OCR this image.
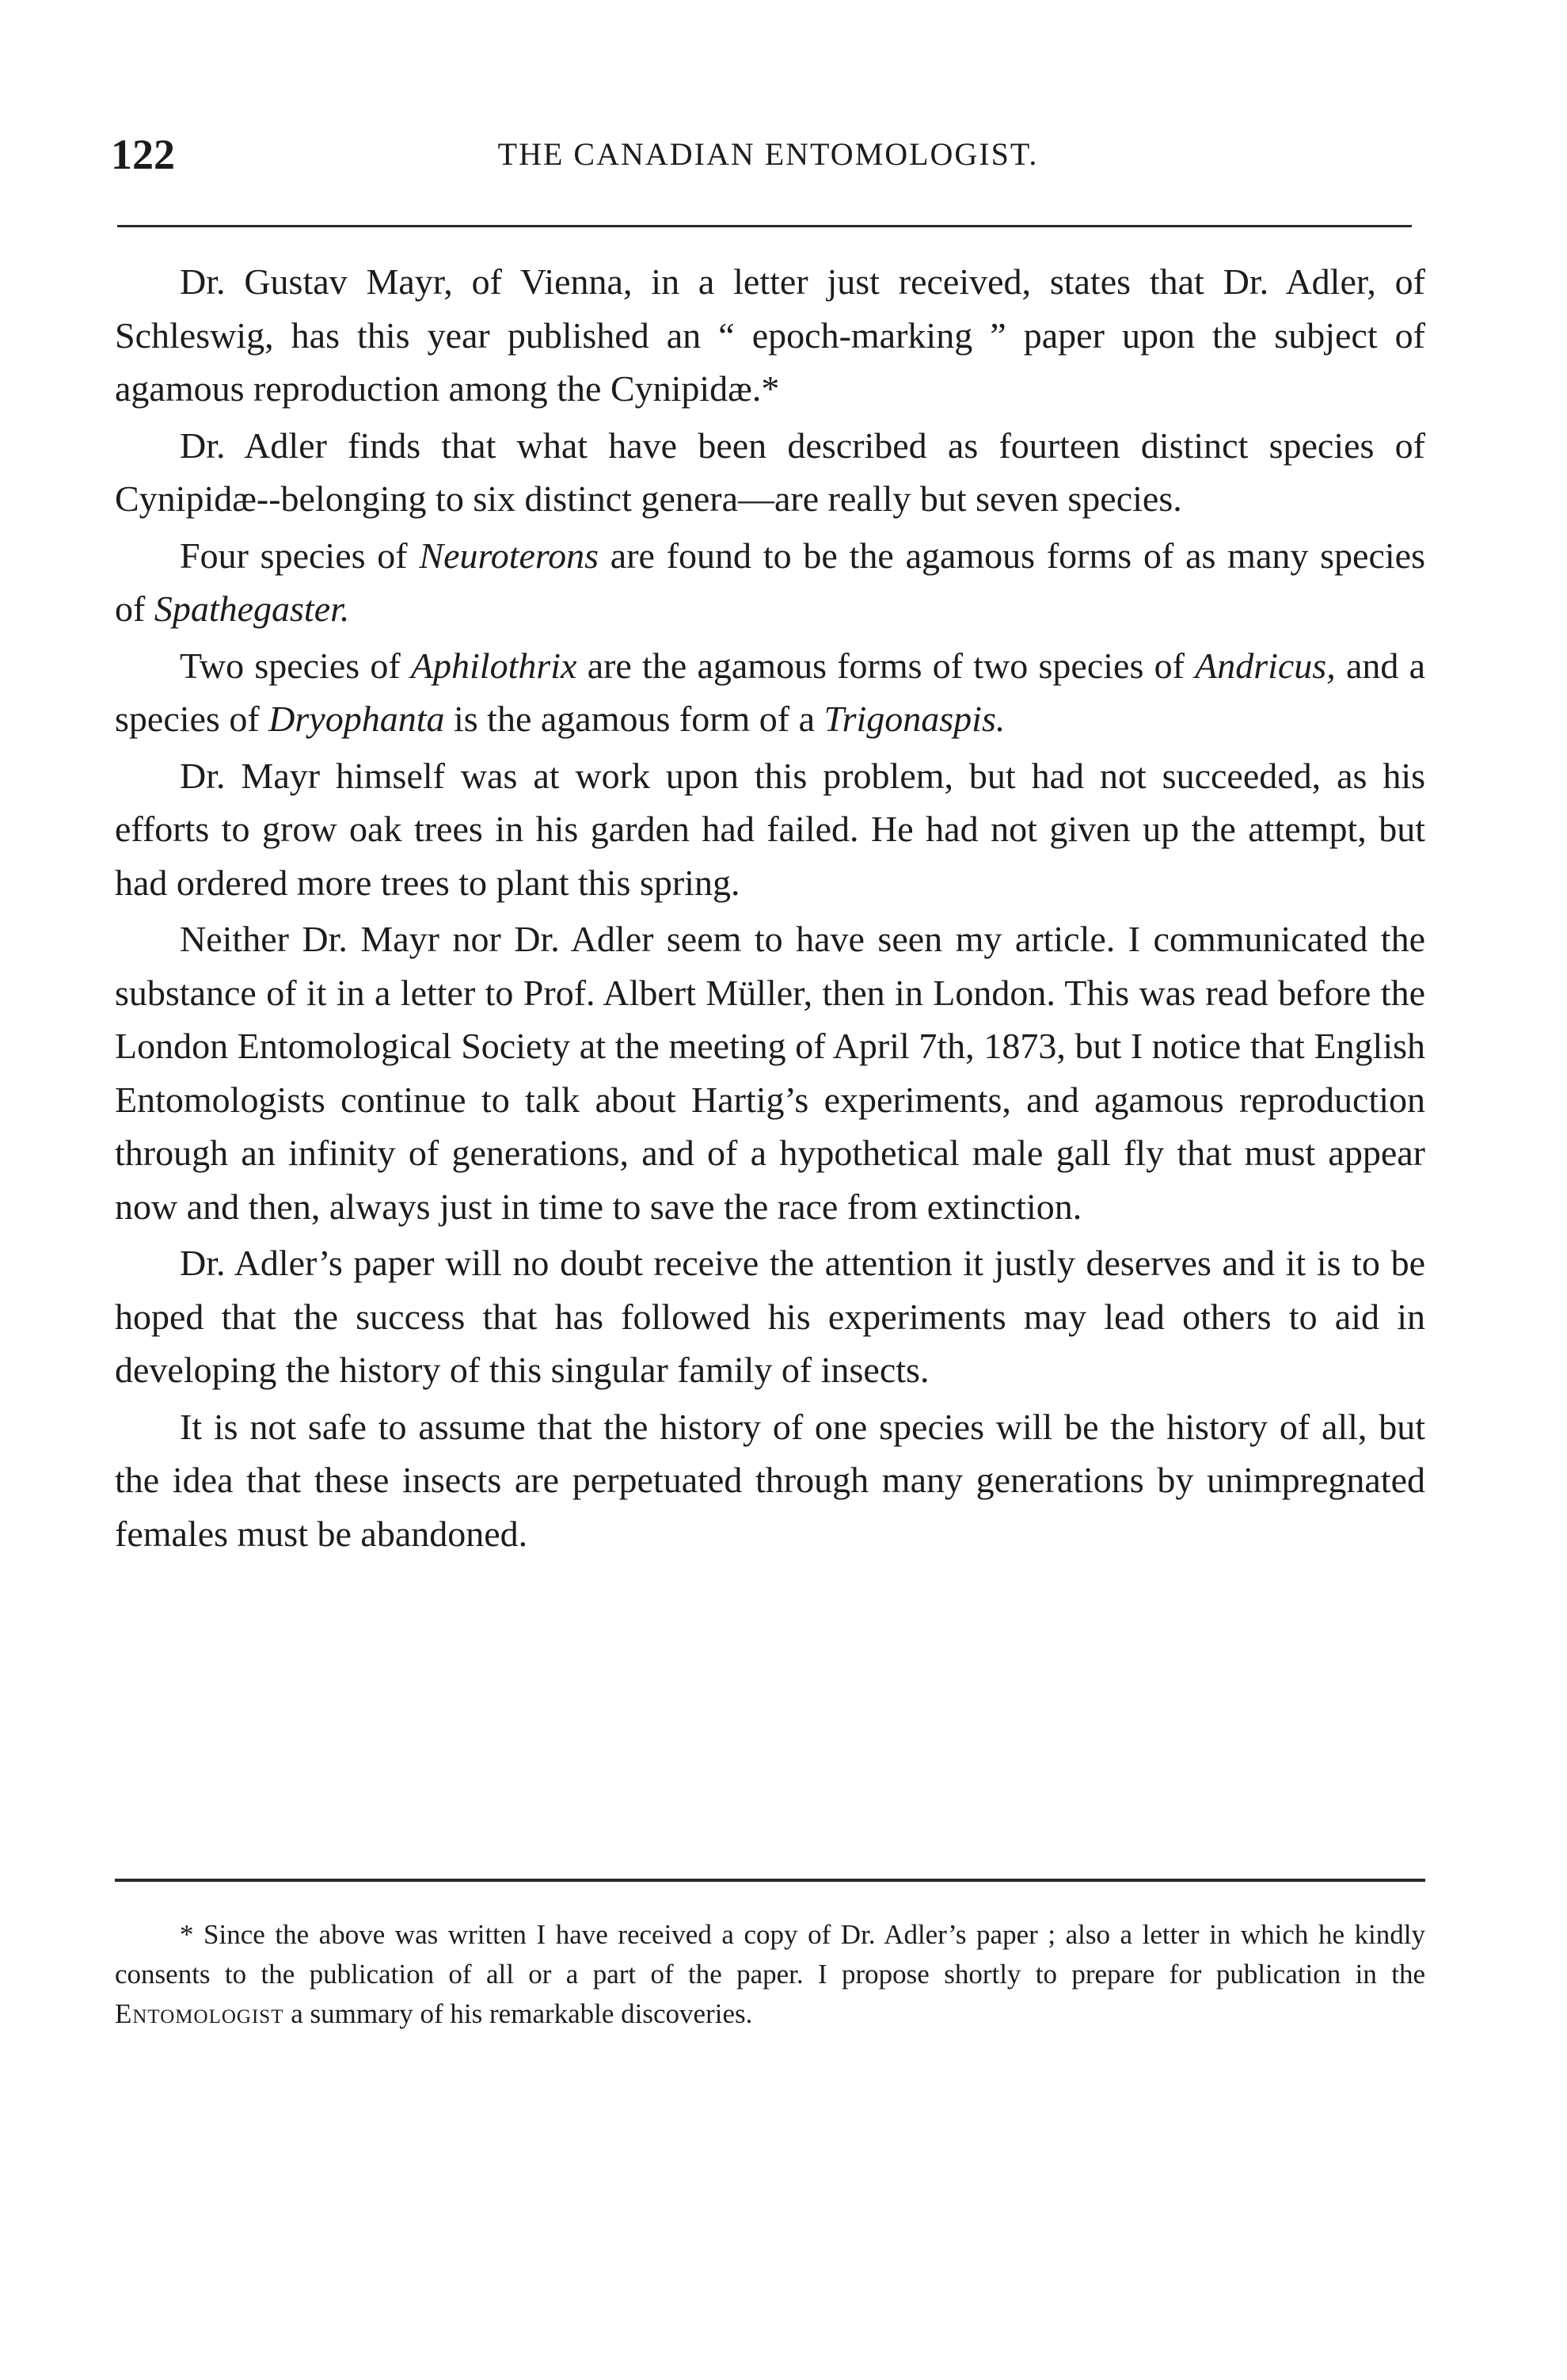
122	THE CANADIAN ENTOMOLOGIST.

Dr. Gustav Mayr, of Vienna, in a letter just received, states that Dr. Adler, of Schleswig, has this year published an “ epoch-marking ” paper upon the subject of agamous reproduction among the Cynipidæ.*

Dr. Adler finds that what have been described as fourteen distinct species of Cynipidæ--belonging to six distinct genera—are really but seven species.

Four species of Neuroterons are found to be the agamous forms of as many species of Spathegaster.

Two species of Aphilothrix are the agamous forms of two species of Andricus, and a species of Dryophanta is the agamous form of a Trigonaspis.

Dr. Mayr himself was at work upon this problem, but had not succeeded, as his efforts to grow oak trees in his garden had failed. He had not given up the attempt, but had ordered more trees to plant this spring.

Neither Dr. Mayr nor Dr. Adler seem to have seen my article. I communicated the substance of it in a letter to Prof. Albert Müller, then in London. This was read before the London Entomological Society at the meeting of April 7th, 1873, but I notice that English Entomologists continue to talk about Hartig’s experiments, and agamous reproduction through an infinity of generations, and of a hypothetical male gall fly that must appear now and then, always just in time to save the race from extinction.

Dr. Adler’s paper will no doubt receive the attention it justly deserves and it is to be hoped that the success that has followed his experiments may lead others to aid in developing the history of this singular family of insects.

It is not safe to assume that the history of one species will be the history of all, but the idea that these insects are perpetuated through many generations by unimpregnated females must be abandoned.

* Since the above was written I have received a copy of Dr. Adler’s paper ; also a letter in which he kindly consents to the publication of all or a part of the paper. I propose shortly to prepare for publication in the Entomologist a summary of his remarkable discoveries.
